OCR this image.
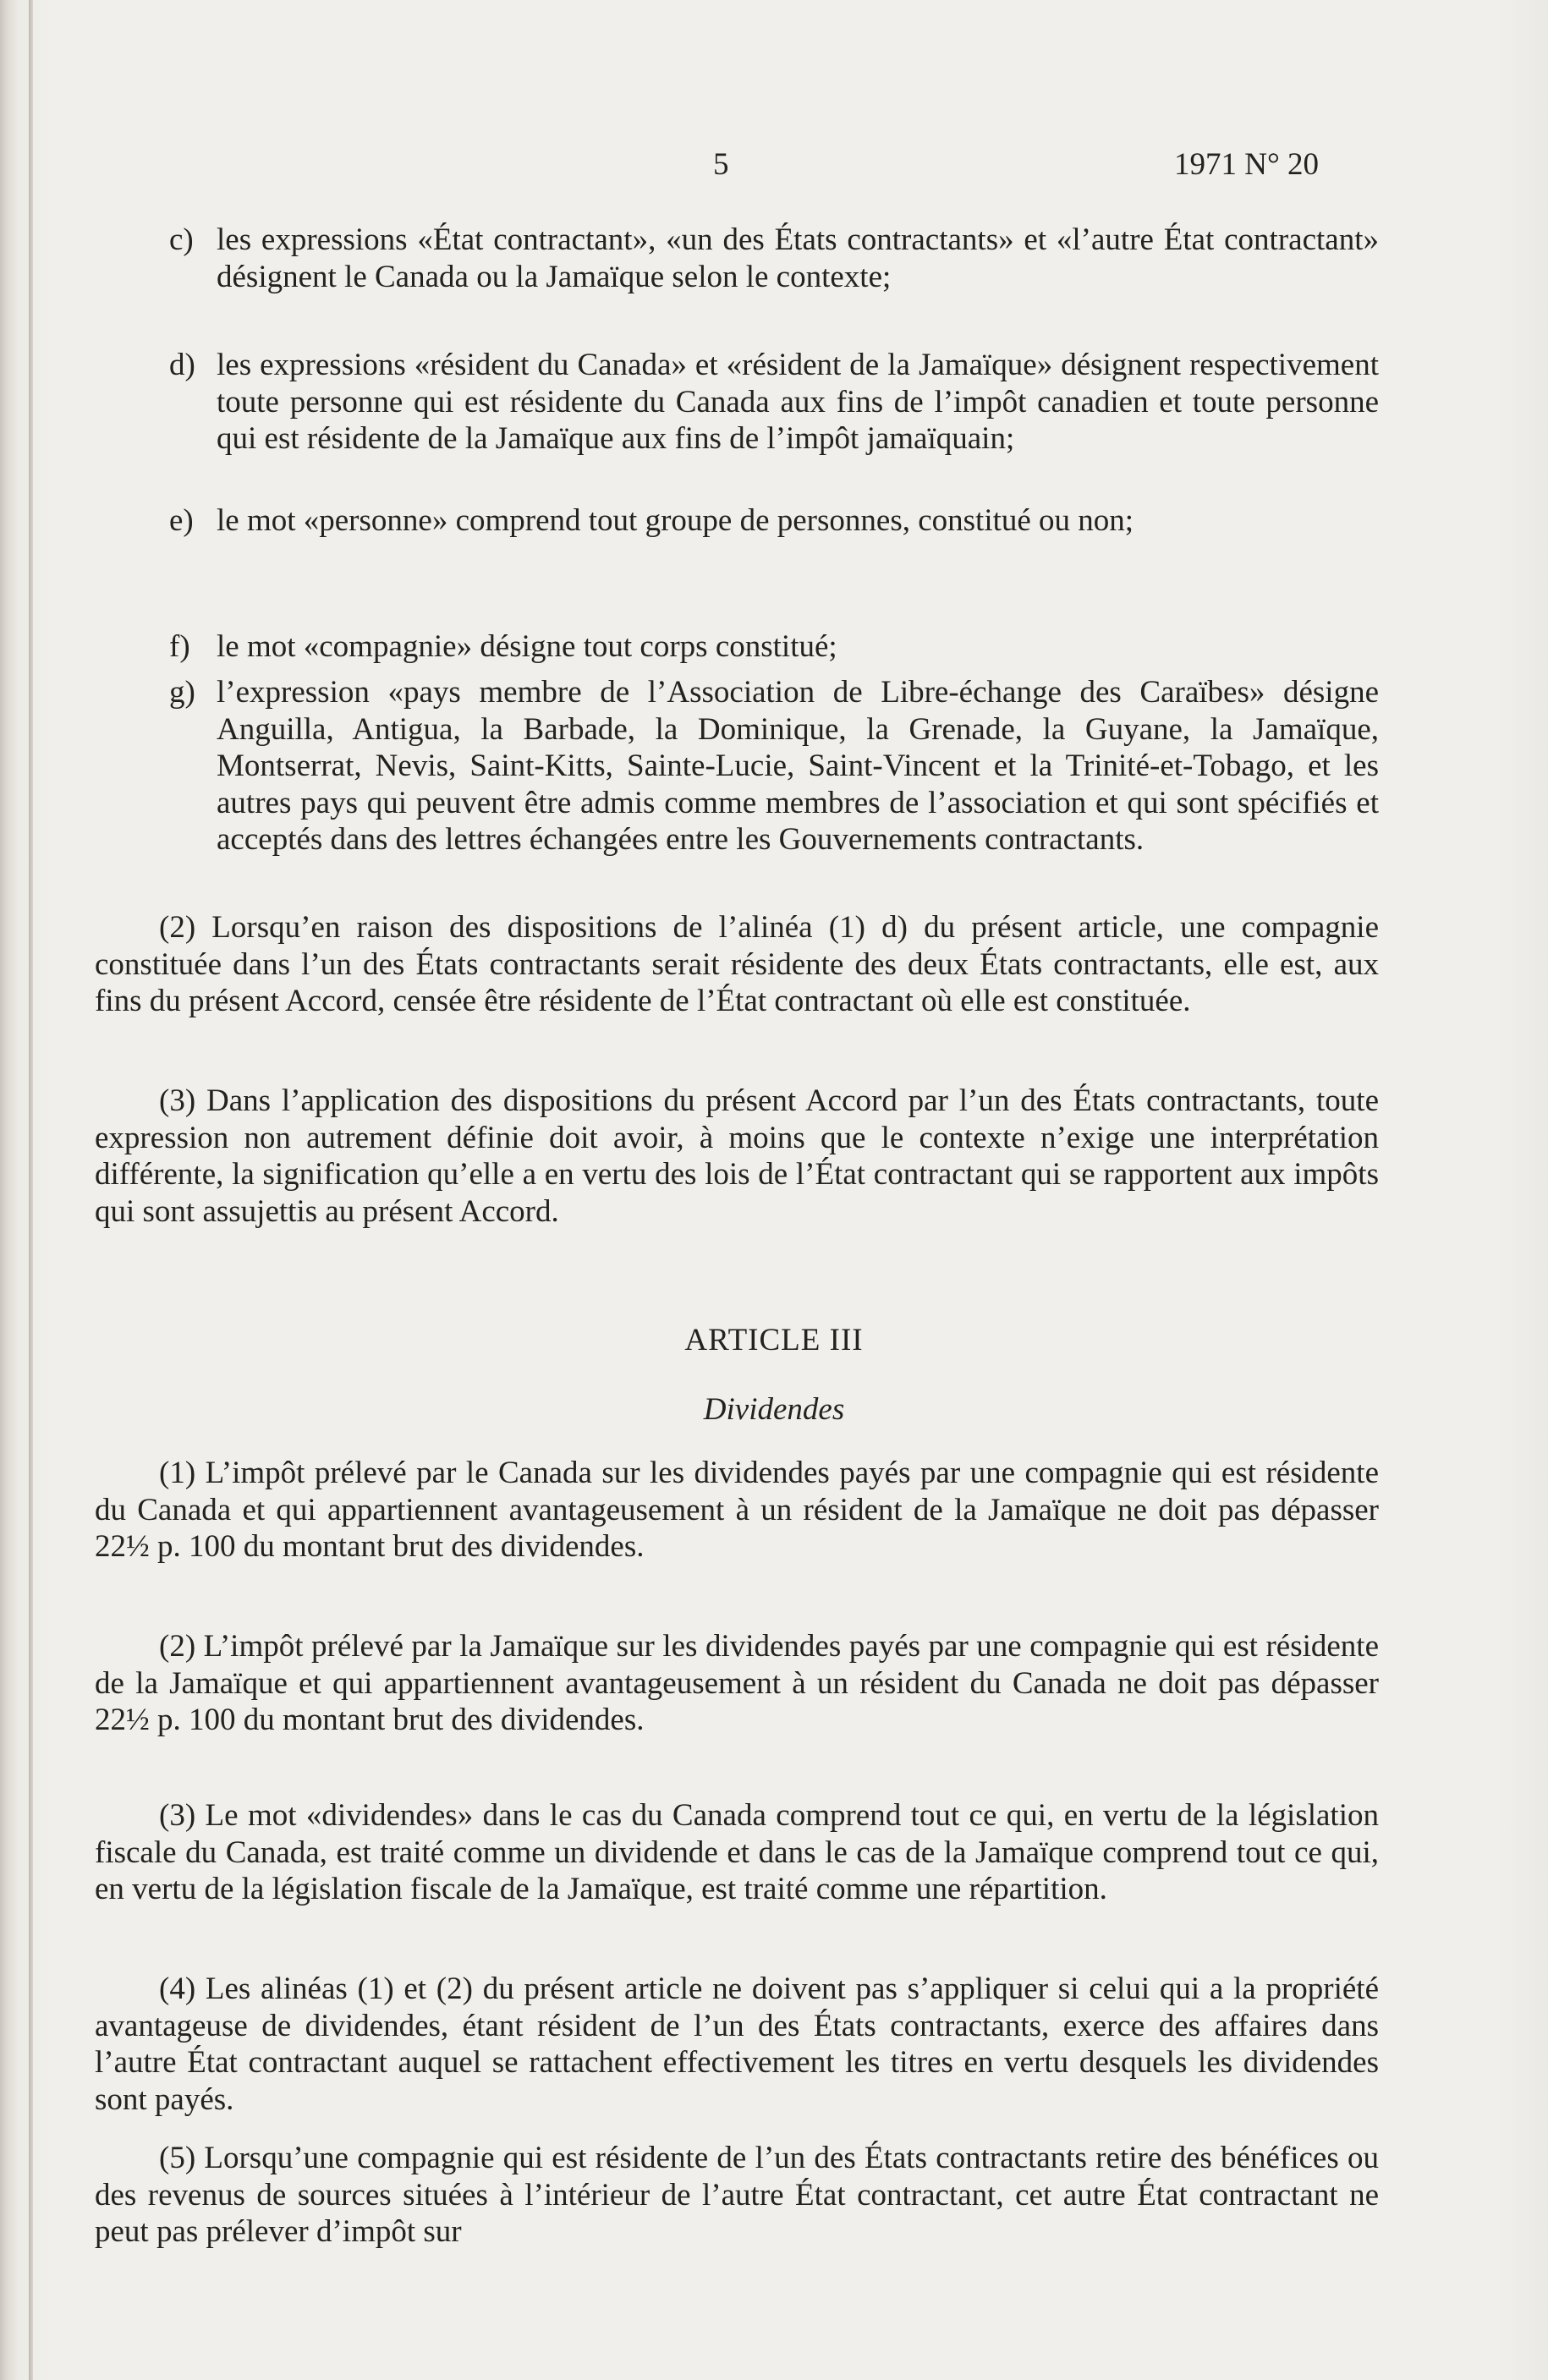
5	1971 N° 20
c) les expressions «État contractant», «un des États contractants» et «l’autre État contractant» désignent le Canada ou la Jamaïque selon le contexte;
d) les expressions «résident du Canada» et «résident de la Jamaïque» désignent respectivement toute personne qui est résidente du Canada aux fins de l’impôt canadien et toute personne qui est résidente de la Jamaïque aux fins de l’impôt jamaïquain;
e) le mot «personne» comprend tout groupe de personnes, constitué ou non;
f) le mot «compagnie» désigne tout corps constitué;
g) l’expression «pays membre de l’Association de Libre-échange des Caraïbes» désigne Anguilla, Antigua, la Barbade, la Dominique, la Grenade, la Guyane, la Jamaïque, Montserrat, Nevis, Saint-Kitts, Sainte-Lucie, Saint-Vincent et la Trinité-et-Tobago, et les autres pays qui peuvent être admis comme membres de l’association et qui sont spécifiés et acceptés dans des lettres échangées entre les Gouvernements contractants.
(2) Lorsqu’en raison des dispositions de l’alinéa (1) d) du présent article, une compagnie constituée dans l’un des États contractants serait résidente des deux États contractants, elle est, aux fins du présent Accord, censée être résidente de l’État contractant où elle est constituée.
(3) Dans l’application des dispositions du présent Accord par l’un des États contractants, toute expression non autrement définie doit avoir, à moins que le contexte n’exige une interprétation différente, la signification qu’elle a en vertu des lois de l’État contractant qui se rapportent aux impôts qui sont assujettis au présent Accord.
ARTICLE III
Dividendes
(1) L’impôt prélevé par le Canada sur les dividendes payés par une compagnie qui est résidente du Canada et qui appartiennent avantageusement à un résident de la Jamaïque ne doit pas dépasser 22½ p. 100 du montant brut des dividendes.
(2) L’impôt prélevé par la Jamaïque sur les dividendes payés par une compagnie qui est résidente de la Jamaïque et qui appartiennent avantageusement à un résident du Canada ne doit pas dépasser 22½ p. 100 du montant brut des dividendes.
(3) Le mot «dividendes» dans le cas du Canada comprend tout ce qui, en vertu de la législation fiscale du Canada, est traité comme un dividende et dans le cas de la Jamaïque comprend tout ce qui, en vertu de la législation fiscale de la Jamaïque, est traité comme une répartition.
(4) Les alinéas (1) et (2) du présent article ne doivent pas s’appliquer si celui qui a la propriété avantageuse de dividendes, étant résident de l’un des États contractants, exerce des affaires dans l’autre État contractant auquel se rattachent effectivement les titres en vertu desquels les dividendes sont payés.
(5) Lorsqu’une compagnie qui est résidente de l’un des États contractants retire des bénéfices ou des revenus de sources situées à l’intérieur de l’autre État contractant, cet autre État contractant ne peut pas prélever d’impôt sur
